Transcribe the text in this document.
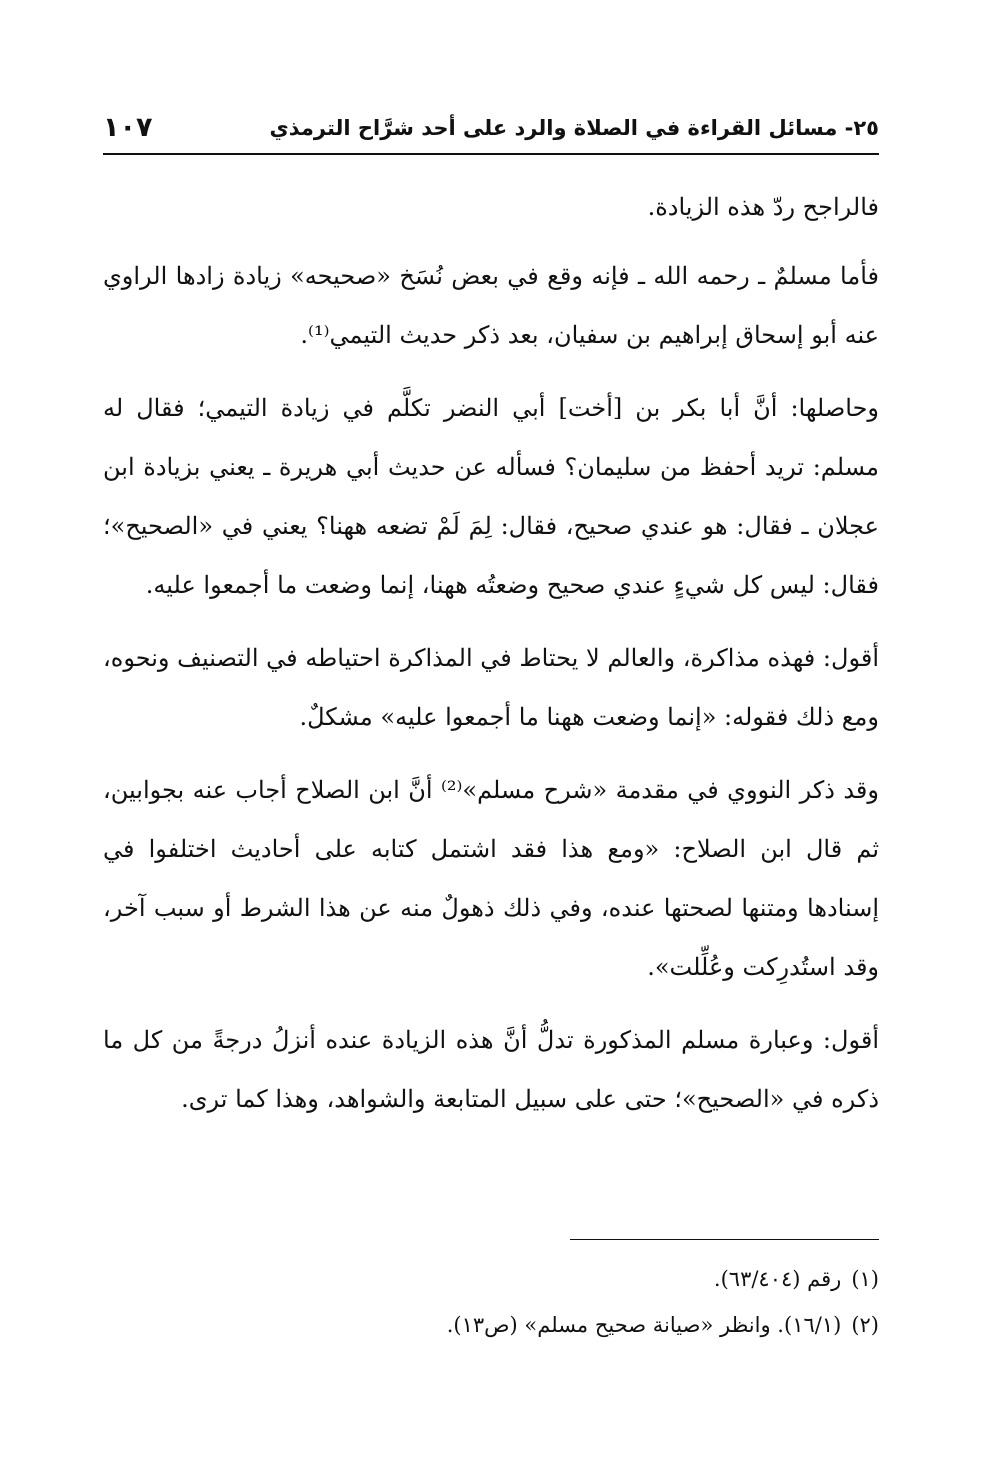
٢٥- مسائل القراءة في الصلاة والرد على أحد شرَّاح الترمذي
١٠٧

فالراجح ردّ هذه الزيادة.

فأما مسلمٌ ـ رحمه الله ـ فإنه وقع في بعض نُسَخ «صحيحه» زيادة زادها الراوي عنه أبو إسحاق إبراهيم بن سفيان، بعد ذكر حديث التيمي⁽¹⁾.

وحاصلها: أنَّ أبا بكر بن [أخت] أبي النضر تكلَّم في زيادة التيمي؛ فقال له مسلم: تريد أحفظ من سليمان؟ فسأله عن حديث أبي هريرة ـ يعني بزيادة ابن عجلان ـ فقال: هو عندي صحيح، فقال: لِمَ لَمْ تضعه ههنا؟ يعني في «الصحيح»؛ فقال: ليس كل شيءٍ عندي صحيح وضعتُه ههنا، إنما وضعت ما أجمعوا عليه.

أقول: فهذه مذاكرة، والعالم لا يحتاط في المذاكرة احتياطه في التصنيف ونحوه، ومع ذلك فقوله: «إنما وضعت ههنا ما أجمعوا عليه» مشكلٌ.

وقد ذكر النووي في مقدمة «شرح مسلم»⁽²⁾ أنَّ ابن الصلاح أجاب عنه بجوابين، ثم قال ابن الصلاح: «ومع هذا فقد اشتمل كتابه على أحاديث اختلفوا في إسنادها ومتنها لصحتها عنده، وفي ذلك ذهولٌ منه عن هذا الشرط أو سبب آخر، وقد استُدرِكت وعُلِّلت».

أقول: وعبارة مسلم المذكورة تدلُّ أنَّ هذه الزيادة عنده أنزلُ درجةً من كل ما ذكره في «الصحيح»؛ حتى على سبيل المتابعة والشواهد، وهذا كما ترى.

(١)رقم (٦٣/٤٠٤).

(٢)(١٦/١). وانظر «صيانة صحيح مسلم» (ص١٣).
